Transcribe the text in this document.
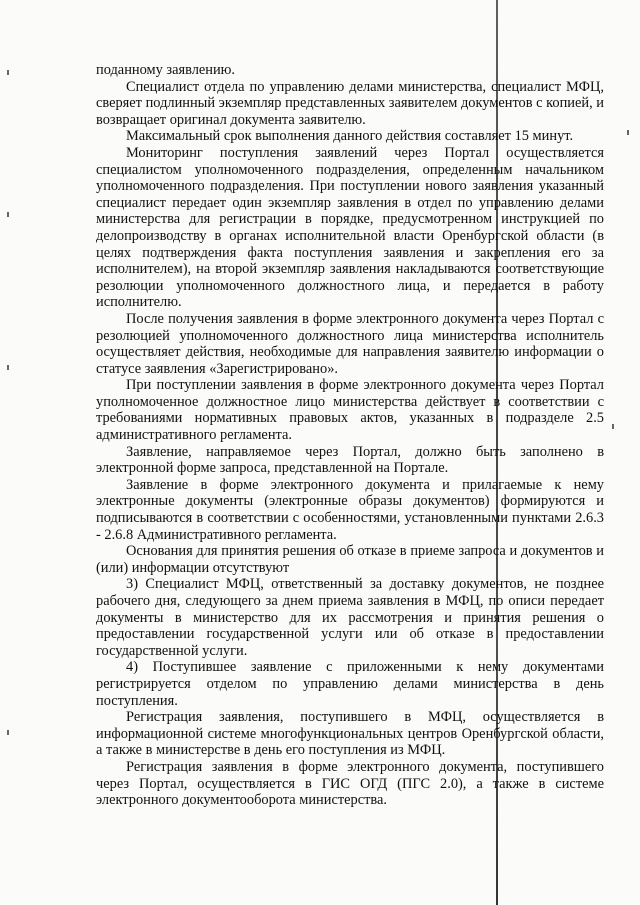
поданному заявлению.

Специалист отдела по управлению делами министерства, специалист МФЦ, сверяет подлинный экземпляр представленных заявителем документов с копией, и возвращает оригинал документа заявителю.

Максимальный срок выполнения данного действия составляет 15 минут.

Мониторинг поступления заявлений через Портал осуществляется специалистом уполномоченного подразделения, определенным начальником уполномоченного подразделения. При поступлении нового заявления указанный специалист передает один экземпляр заявления в отдел по управлению делами министерства для регистрации в порядке, предусмотренном инструкцией по делопроизводству в органах исполнительной власти Оренбургской области (в целях подтверждения факта поступления заявления и закрепления его за исполнителем), на второй экземпляр заявления накладываются соответствующие резолюции уполномоченного должностного лица, и передается в работу исполнителю.

После получения заявления в форме электронного документа через Портал с резолюцией уполномоченного должностного лица министерства исполнитель осуществляет действия, необходимые для направления заявителю информации о статусе заявления «Зарегистрировано».

При поступлении заявления в форме электронного документа через Портал уполномоченное должностное лицо министерства действует в соответствии с требованиями нормативных правовых актов, указанных в подразделе 2.5 административного регламента.

Заявление, направляемое через Портал, должно быть заполнено в электронной форме запроса, представленной на Портале.

Заявление в форме электронного документа и прилагаемые к нему электронные документы (электронные образы документов) формируются и подписываются в соответствии с особенностями, установленными пунктами 2.6.3 - 2.6.8 Административного регламента.

Основания для принятия решения об отказе в приеме запроса и документов и (или) информации отсутствуют

3) Специалист МФЦ, ответственный за доставку документов, не позднее рабочего дня, следующего за днем приема заявления в МФЦ, по описи передает документы в министерство для их рассмотрения и принятия решения о предоставлении государственной услуги или об отказе в предоставлении государственной услуги.

4) Поступившее заявление с приложенными к нему документами регистрируется отделом по управлению делами министерства в день поступления.

Регистрация заявления, поступившего в МФЦ, осуществляется в информационной системе многофункциональных центров Оренбургской области, а также в министерстве в день его поступления из МФЦ.

Регистрация заявления в форме электронного документа, поступившего через Портал, осуществляется в ГИС ОГД (ПГС 2.0), а также в системе электронного документооборота министерства.
